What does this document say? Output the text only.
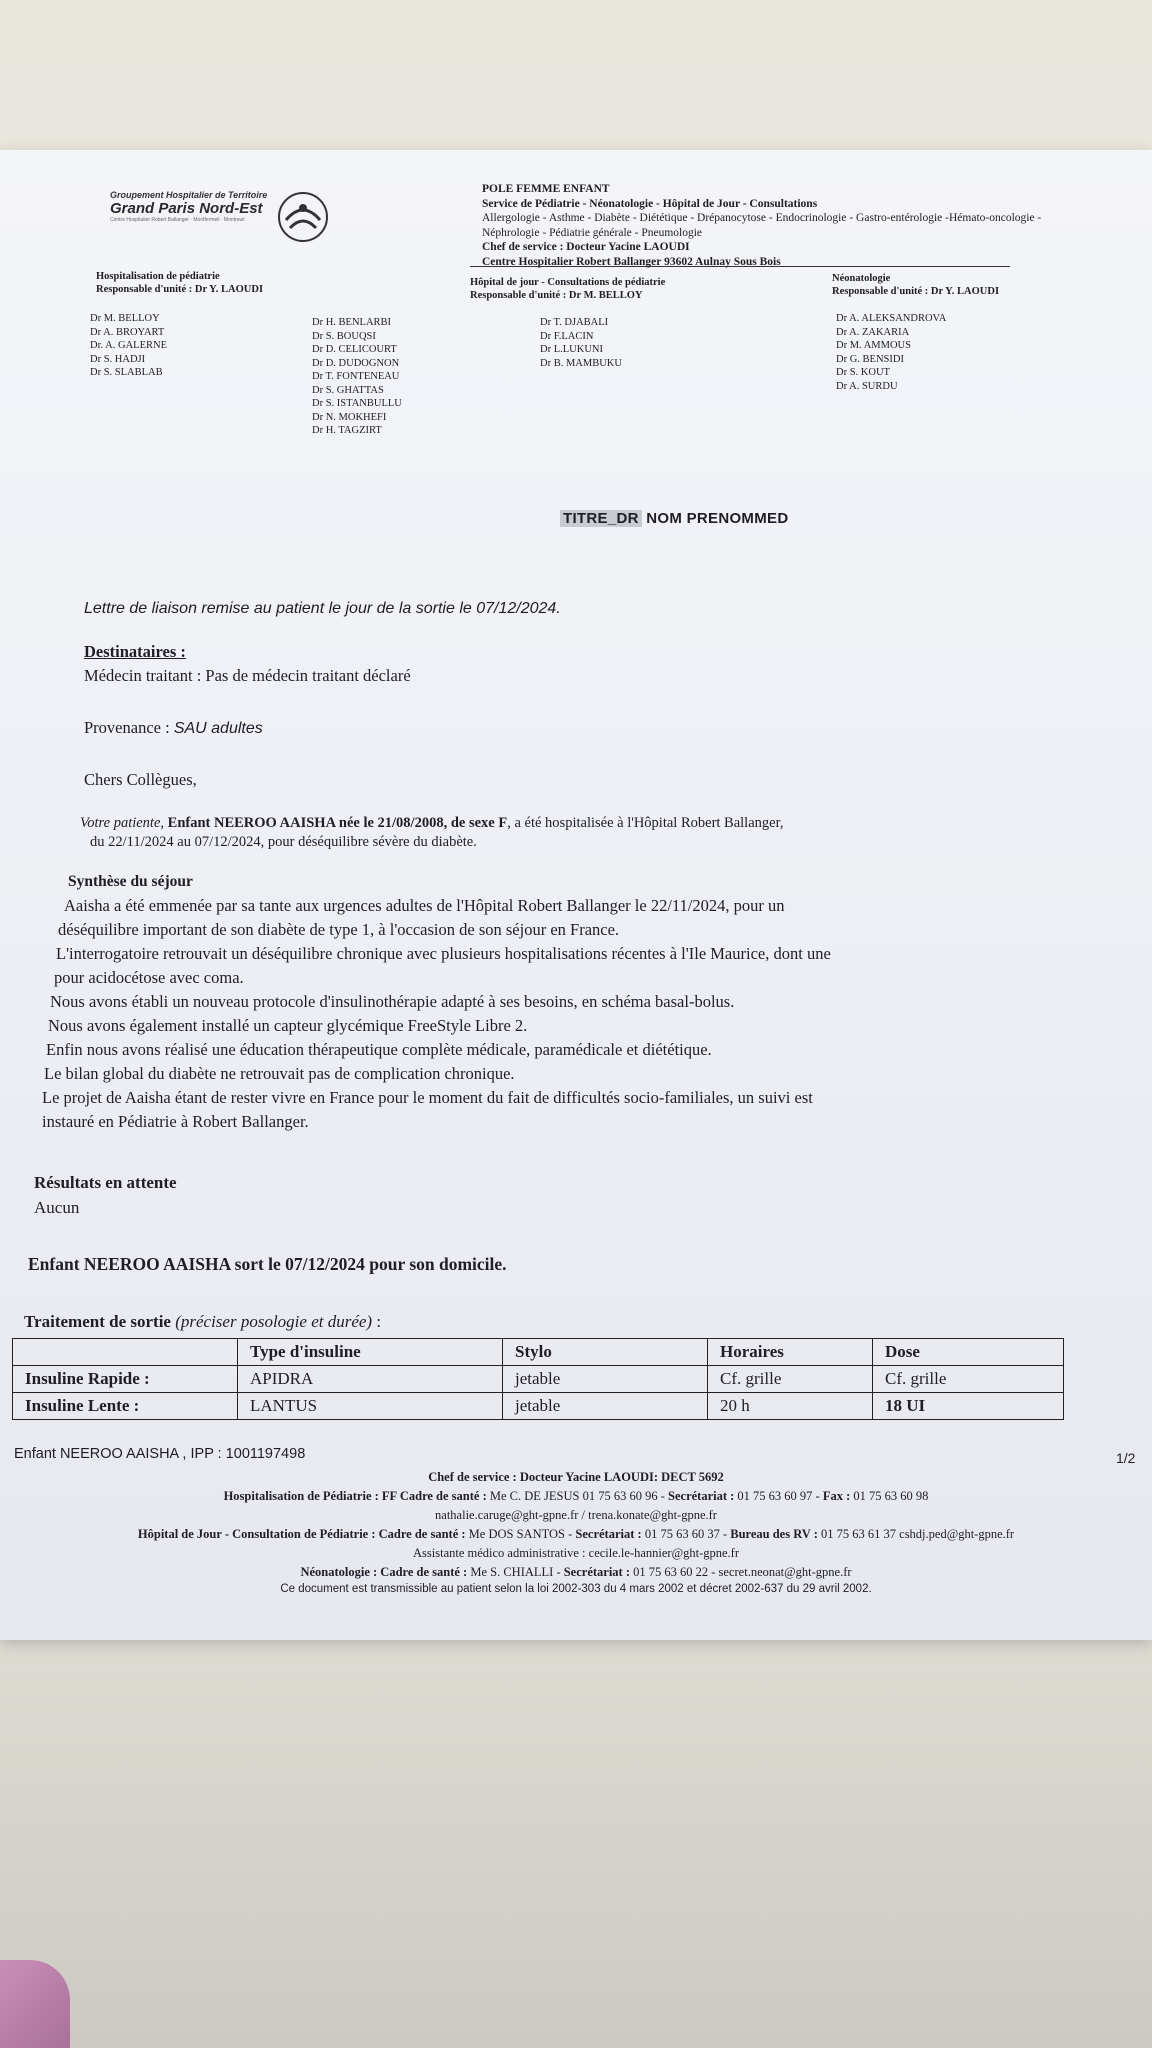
Groupement Hospitalier de Territoire
Grand Paris Nord-Est
Centre Hospitalier Robert Ballanger · Montfermeil · Montreuil
POLE FEMME ENFANT
Service de Pédiatrie - Néonatologie - Hôpital de Jour - Consultations
Allergologie - Asthme - Diabète - Diététique - Drépanocytose - Endocrinologie - Gastro-entérologie -Hémato-oncologie - Néphrologie - Pédiatrie générale - Pneumologie
Chef de service : Docteur Yacine LAOUDI
Centre Hospitalier Robert Ballanger 93602 Aulnay Sous Bois
Hospitalisation de pédiatrie
Responsable d'unité : Dr Y. LAOUDI
Hôpital de jour - Consultations de pédiatrie
Responsable d'unité : Dr M. BELLOY
Néonatologie
Responsable d'unité : Dr Y. LAOUDI
Dr M. BELLOY
Dr A. BROYART
Dr. A. GALERNE
Dr S. HADJI
Dr S. SLABLAB
Dr H. BENLARBI
Dr S. BOUQSI
Dr D. CELICOURT
Dr D. DUDOGNON
Dr T. FONTENEAU
Dr S. GHATTAS
Dr S. ISTANBULLU
Dr N. MOKHEFI
Dr H. TAGZIRT
Dr T. DJABALI
Dr F.LACIN
Dr L.LUKUNI
Dr B. MAMBUKU
Dr A. ALEKSANDROVA
Dr A. ZAKARIA
Dr M. AMMOUS
Dr G. BENSIDI
Dr S. KOUT
Dr A. SURDU
TITRE_DR NOM PRENOMMED
Lettre de liaison remise au patient le jour de la sortie le 07/12/2024.
Destinataires :
Médecin traitant : Pas de médecin traitant déclaré
Provenance : SAU adultes
Chers Collègues,
Votre patiente, Enfant NEEROO AAISHA née le 21/08/2008, de sexe F, a été hospitalisée à l'Hôpital Robert Ballanger,
du 22/11/2024 au 07/12/2024, pour déséquilibre sévère du diabète.
Synthèse du séjour
Aaisha a été emmenée par sa tante aux urgences adultes de l'Hôpital Robert Ballanger le 22/11/2024, pour un
déséquilibre important de son diabète de type 1, à l'occasion de son séjour en France.
L'interrogatoire retrouvait un déséquilibre chronique avec plusieurs hospitalisations récentes à l'Ile Maurice, dont une
pour acidocétose avec coma.
Nous avons établi un nouveau protocole d'insulinothérapie adapté à ses besoins, en schéma basal-bolus.
Nous avons également installé un capteur glycémique FreeStyle Libre 2.
Enfin nous avons réalisé une éducation thérapeutique complète médicale, paramédicale et diététique.
Le bilan global du diabète ne retrouvait pas de complication chronique.
Le projet de Aaisha étant de rester vivre en France pour le moment du fait de difficultés socio-familiales, un suivi est
instauré en Pédiatrie à Robert Ballanger.
Résultats en attente
Aucun
Enfant NEEROO AAISHA sort le 07/12/2024 pour son domicile.
Traitement de sortie (préciser posologie et durée) :
	Type d'insuline	Stylo	Horaires	Dose
Insuline Rapide :	APIDRA	jetable	Cf. grille	Cf. grille
Insuline Lente :	LANTUS	jetable	20 h	18 UI
Enfant NEEROO AAISHA , IPP : 1001197498	1/2
Chef de service : Docteur Yacine LAOUDI: DECT 5692
Hospitalisation de Pédiatrie : FF Cadre de santé : Me C. DE JESUS 01 75 63 60 96 - Secrétariat : 01 75 63 60 97 - Fax : 01 75 63 60 98
nathalie.caruge@ght-gpne.fr / trena.konate@ght-gpne.fr
Hôpital de Jour - Consultation de Pédiatrie : Cadre de santé : Me DOS SANTOS - Secrétariat : 01 75 63 60 37 - Bureau des RV : 01 75 63 61 37 cshdj.ped@ght-gpne.fr
Assistante médico administrative : cecile.le-hannier@ght-gpne.fr
Néonatologie : Cadre de santé : Me S. CHIALLI - Secrétariat : 01 75 63 60 22 - secret.neonat@ght-gpne.fr
Ce document est transmissible au patient selon la loi 2002-303 du 4 mars 2002 et décret 2002-637 du 29 avril 2002.
